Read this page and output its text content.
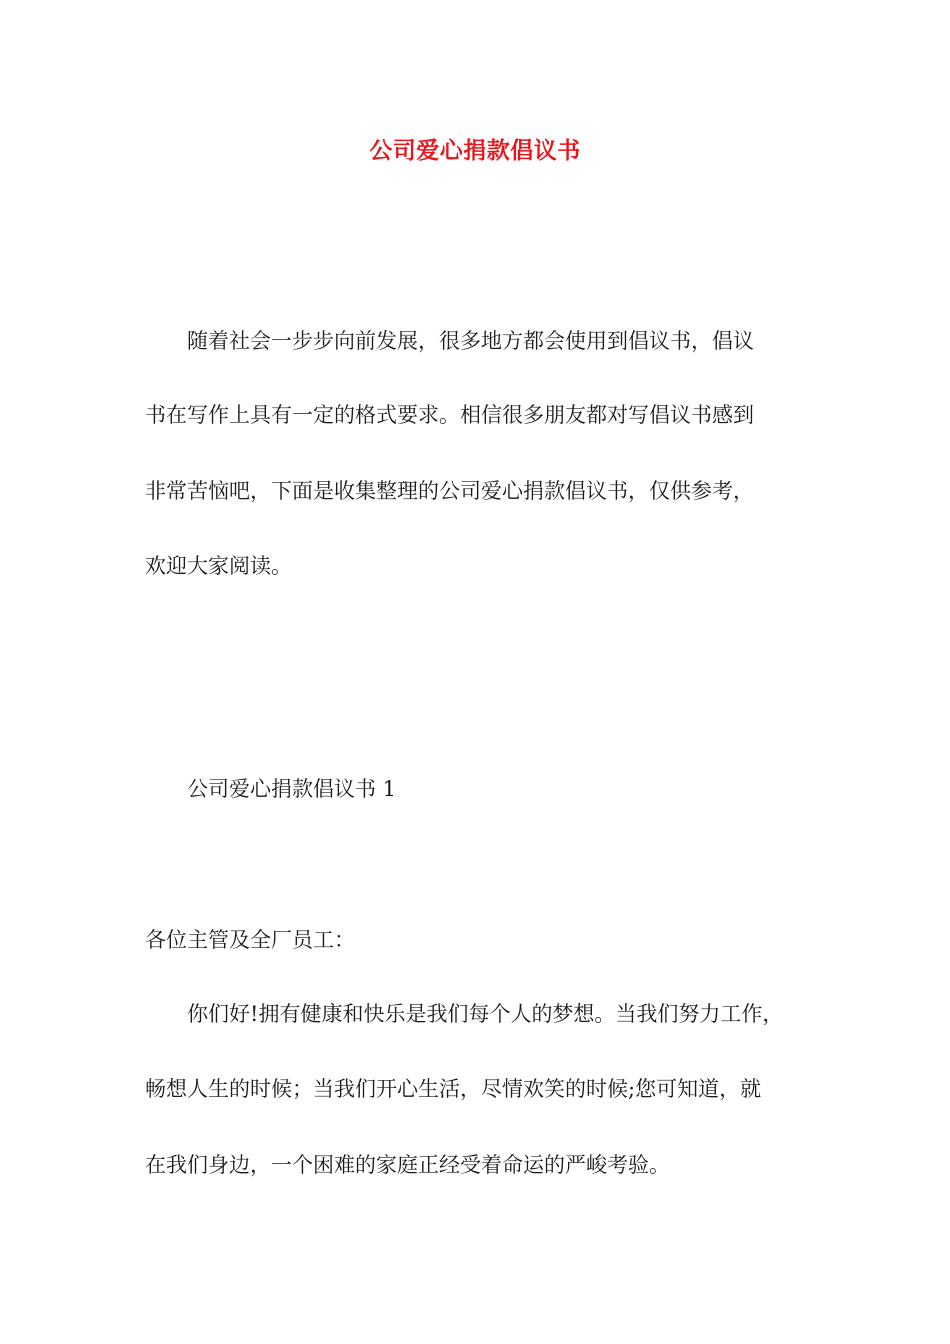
公司爱心捐款倡议书
随着社会一步步向前发展，很多地方都会使用到倡议书，倡议
书在写作上具有一定的格式要求。相信很多朋友都对写倡议书感到
非常苦恼吧，下面是收集整理的公司爱心捐款倡议书，仅供参考，
欢迎大家阅读。
公司爱心捐款倡议书 1
各位主管及全厂员工：
你们好!拥有健康和快乐是我们每个人的梦想。当我们努力工作，
畅想人生的时候；当我们开心生活，尽情欢笑的时候;您可知道，就
在我们身边，一个困难的家庭正经受着命运的严峻考验。
